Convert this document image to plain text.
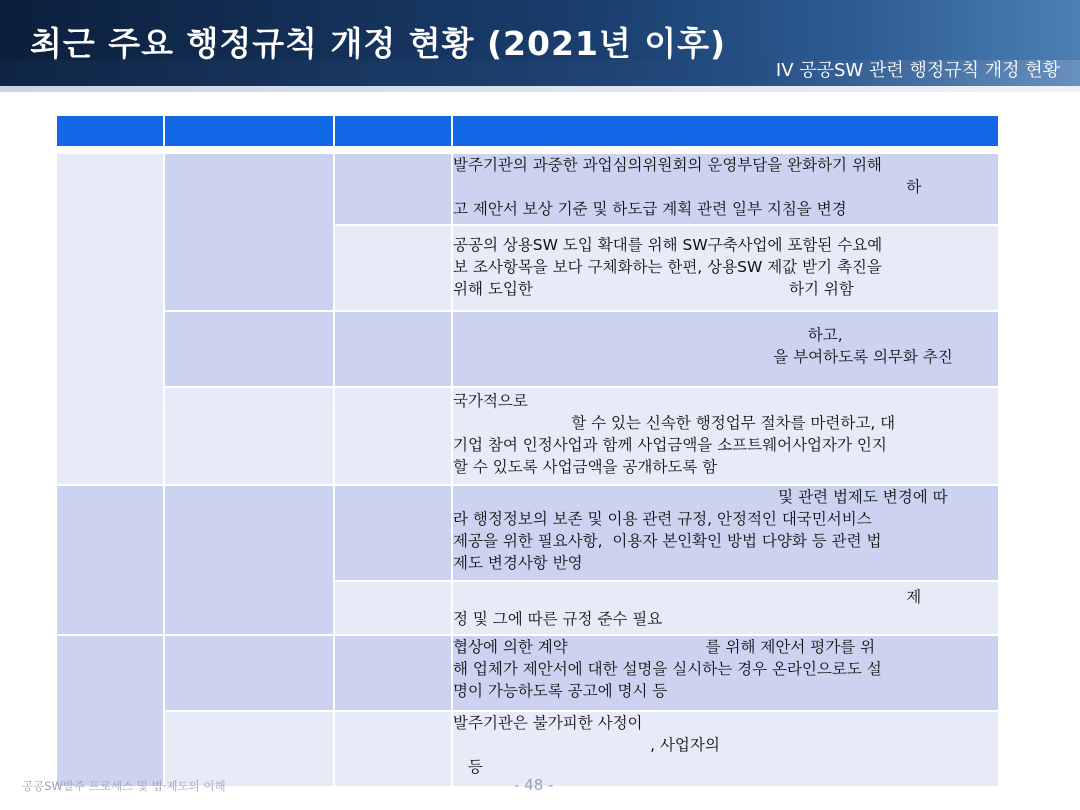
최근 주요 행정규칙 개정 현황 (2021년 이후)
IV 공공SW 관련 행정규칙 개정 현황

			발주기관의 과중한 과업심의위원회의 운영부담을 완화하기 위해
하
고 제안서 보상 기준 및 하도급 계획 관련 일부 지침을 변경

			공공의 상용SW 도입 확대를 위해 SW구축사업에 포함된 수요예
보 조사항목을 보다 구체화하는 한편, 상용SW 제값 받기 촉진을
위해 도입한                                                    하기 위함

			하고,
을 부여하도록 의무화 추진

			국가적으로
할 수 있는 신속한 행정업무 절차를 마련하고, 대
기업 참여 인정사업과 함께 사업금액을 소프트웨어사업자가 인지
할 수 있도록 사업금액을 공개하도록 함

			및 관련 법제도 변경에 따
라 행정정보의 보존 및 이용 관련 규정, 안정적인 대국민서비스
제공을 위한 필요사항,  이용자 본인확인 방법 다양화 등 관련 법
제도 변경사항 반영

			제
정 및 그에 따른 규정 준수 필요

			협상에 의한 계약                            를 위해 제안서 평가를 위
해 업체가 제안서에 대한 설명을 실시하는 경우 온라인으로도 설
명이 가능하도록 공고에 명시 등

			발주기관은 불가피한 사정이
, 사업자의
등
공공SW발주 프로세스 및 법·제도의 이해	- 48 -
